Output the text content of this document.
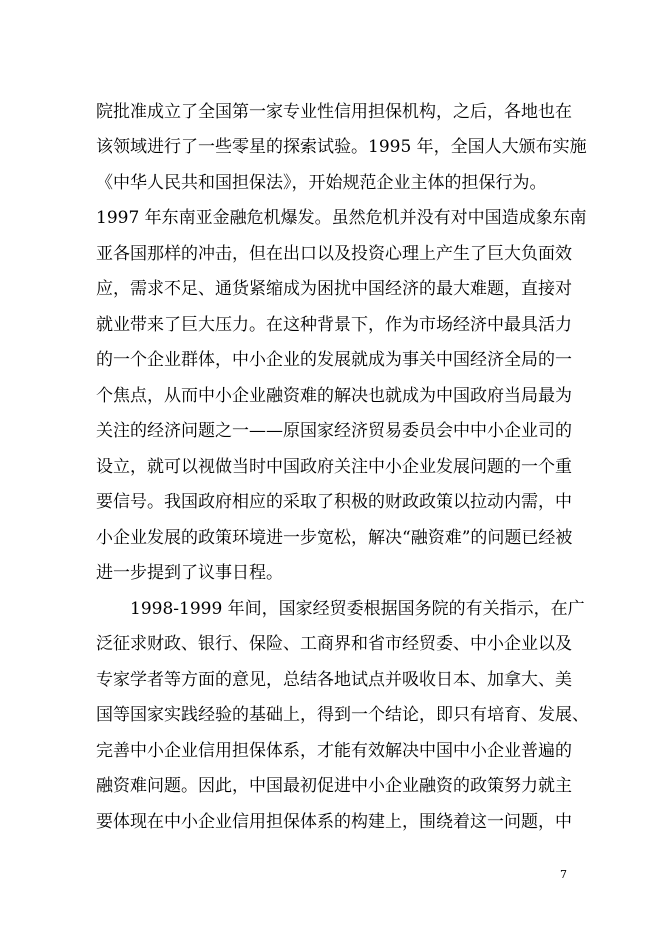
院批准成立了全国第一家专业性信用担保机构，之后，各地也在
该领域进行了一些零星的探索试验。1995 年，全国人大颁布实施
《中华人民共和国担保法》，开始规范企业主体的担保行为。
1997 年东南亚金融危机爆发。虽然危机并没有对中国造成象东南
亚各国那样的冲击，但在出口以及投资心理上产生了巨大负面效
应，需求不足、通货紧缩成为困扰中国经济的最大难题，直接对
就业带来了巨大压力。在这种背景下，作为市场经济中最具活力
的一个企业群体，中小企业的发展就成为事关中国经济全局的一
个焦点，从而中小企业融资难的解决也就成为中国政府当局最为
关注的经济问题之一——原国家经济贸易委员会中中小企业司的
设立，就可以视做当时中国政府关注中小企业发展问题的一个重
要信号。我国政府相应的采取了积极的财政政策以拉动内需，中
小企业发展的政策环境进一步宽松，解决“融资难”的问题已经被
进一步提到了议事日程。
1998-1999 年间，国家经贸委根据国务院的有关指示，在广
泛征求财政、银行、保险、工商界和省市经贸委、中小企业以及
专家学者等方面的意见，总结各地试点并吸收日本、加拿大、美
国等国家实践经验的基础上，得到一个结论，即只有培育、发展、
完善中小企业信用担保体系，才能有效解决中国中小企业普遍的
融资难问题。因此，中国最初促进中小企业融资的政策努力就主
要体现在中小企业信用担保体系的构建上，围绕着这一问题，中
7
